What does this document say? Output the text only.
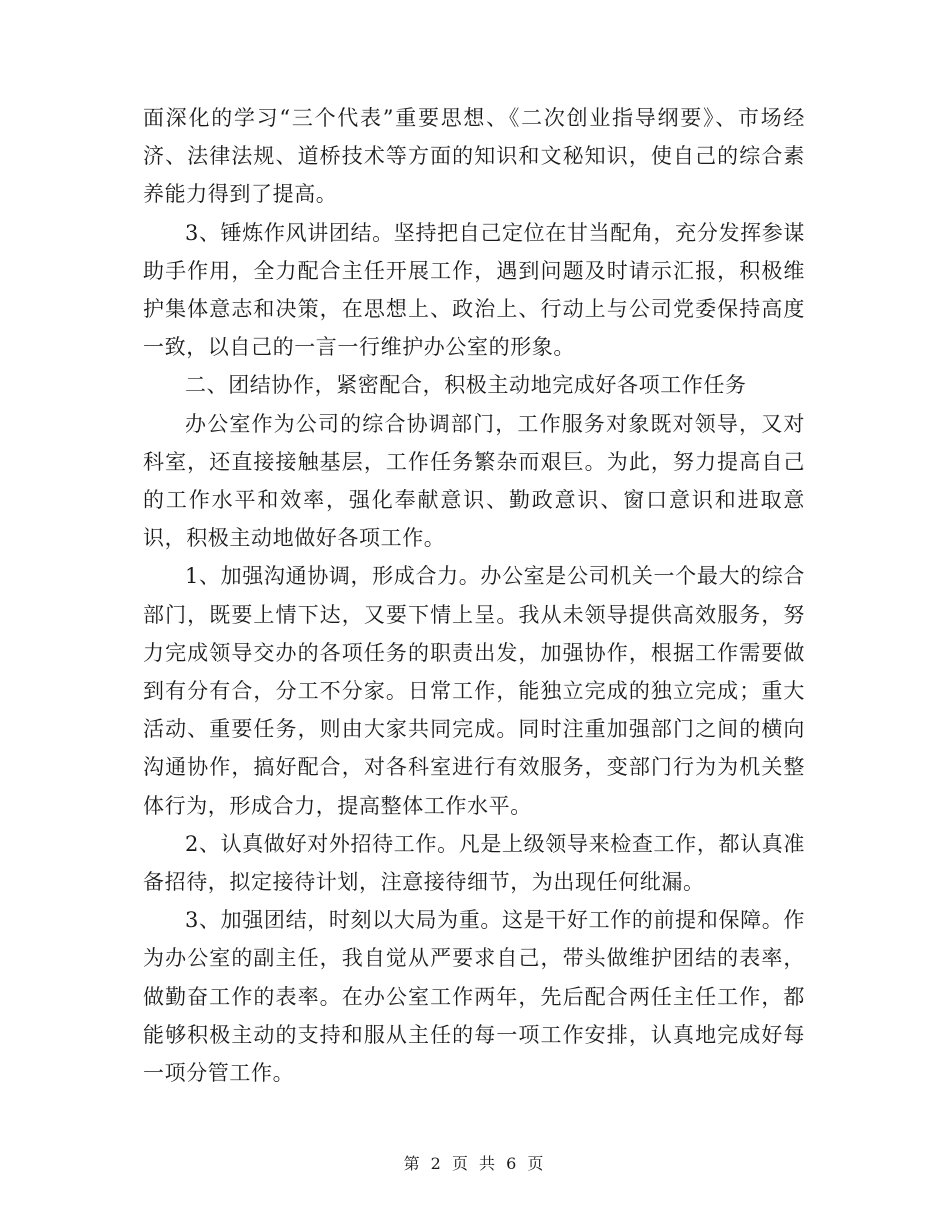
面深化的学习“三个代表”重要思想、《二次创业指导纲要》、市场经济、法律法规、道桥技术等方面的知识和文秘知识，使自己的综合素养能力得到了提高。

3、锤炼作风讲团结。坚持把自己定位在甘当配角，充分发挥参谋助手作用，全力配合主任开展工作，遇到问题及时请示汇报，积极维护集体意志和决策，在思想上、政治上、行动上与公司党委保持高度一致，以自己的一言一行维护办公室的形象。

二、团结协作，紧密配合，积极主动地完成好各项工作任务

办公室作为公司的综合协调部门，工作服务对象既对领导，又对科室，还直接接触基层，工作任务繁杂而艰巨。为此，努力提高自己的工作水平和效率，强化奉献意识、勤政意识、窗口意识和进取意识，积极主动地做好各项工作。

1、加强沟通协调，形成合力。办公室是公司机关一个最大的综合部门，既要上情下达，又要下情上呈。我从未领导提供高效服务，努力完成领导交办的各项任务的职责出发，加强协作，根据工作需要做到有分有合，分工不分家。日常工作，能独立完成的独立完成；重大活动、重要任务，则由大家共同完成。同时注重加强部门之间的横向沟通协作，搞好配合，对各科室进行有效服务，变部门行为为机关整体行为，形成合力，提高整体工作水平。

2、认真做好对外招待工作。凡是上级领导来检查工作，都认真准备招待，拟定接待计划，注意接待细节，为出现任何纰漏。

3、加强团结，时刻以大局为重。这是干好工作的前提和保障。作为办公室的副主任，我自觉从严要求自己，带头做维护团结的表率，做勤奋工作的表率。在办公室工作两年，先后配合两任主任工作，都能够积极主动的支持和服从主任的每一项工作安排，认真地完成好每一项分管工作。

第 2 页 共 6 页
